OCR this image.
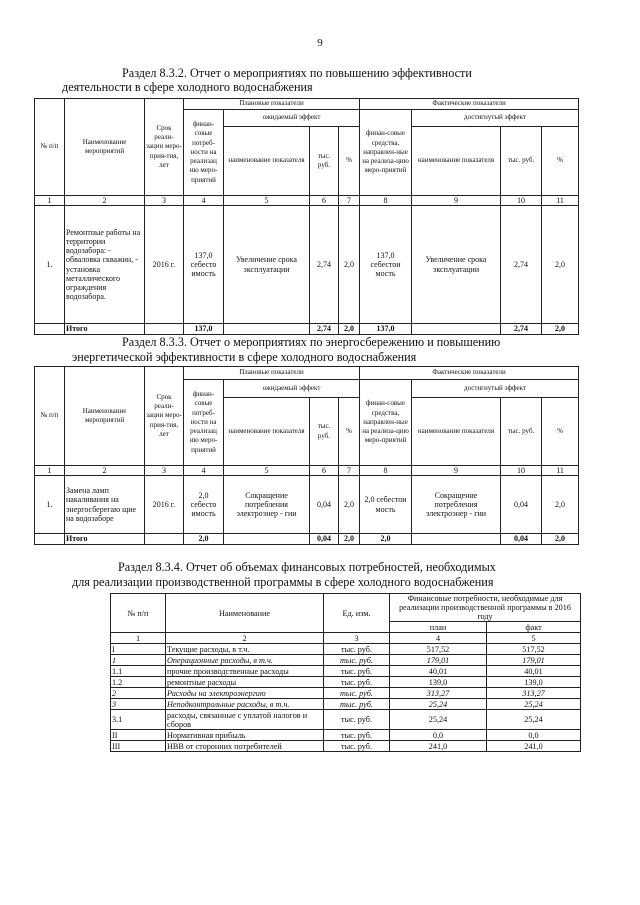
9
Раздел 8.3.2. Отчет о мероприятиях по повышению эффективности
деятельности в сфере холодного водоснабжения
№ п/п	Наименование мероприятий	Срок реали-зации меро-прия-тия, лет	Плановые показатели				Фактические показатели			
			финан-совые потреб-ности на реализац ию меро-приятий	ожидаемый эффект			финан-совые средства, направлен-ные на реализа-цию меро-приятий	достигнутый эффект		
				наименование показателя	тыс. руб.	%		наименование показателя	тыс. руб.	%
1	2	3	4	5	6	7	8	9	10	11
1.	Ремонтные работы на территории водозабора: - обваловка скважин, - установка металлического ограждения водозабора.	2016 г.	137,0 себесто имость	Увеличение срока эксплуатации	2,74	2,0	137,0 себестои мость	Увеличение срока эксплуатации	2,74	2,0
	Итого		137,0		2,74	2,0	137,0		2,74	2,0
Раздел 8.3.3. Отчет о мероприятиях по энергосбережению и повышению
энергетической эффективности в сфере холодного водоснабжения
№ п/п	Наименование мероприятий	Срок реали-зации меро-прия-тия, лет	Плановые показатели				Фактические показатели			
			финан-совые потреб-ности на реализац ию меро-приятий	ожидаемый эффект			финан-совые средства, направлен-ные на реализа-цию меро-приятий	достигнутый эффект		
				наименование показателя	тыс. руб.	%		наименование показателя	тыс. руб.	%
1	2	3	4	5	6	7	8	9	10	11
1.	Замена ламп накаливания на энергосберегаю щие на водозаборе	2016 г.	2,0 себесто имость	Сокращение потребления электроэнер - гии	0,04	2,0	2,0 себестои мость	Сокращение потребления электроэнер - гии	0,04	2,0
	Итого		2,0		0,04	2,0	2,0		0,04	2,0
Раздел 8.3.4. Отчет об объемах финансовых потребностей, необходимых
для реализации производственной программы в сфере холодного водоснабжения
№ п/п	Наименование	Ед. изм.	Финансовые потребности, необходимые для реализации производственной программы в 2016 году	
			план	факт
1	2	3	4	5
I	Текущие расходы, в т.ч.	тыс. руб.	517,52	517,52
1	Операционные расходы, в т.ч.	тыс. руб.	179,01	179,01
1.1	прочие производственные расходы	тыс. руб.	40,01	40,01
1.2	ремонтные расходы	тыс. руб.	139,0	139,0
2	Расходы на электроэнергию	тыс. руб.	313,27	313,27
3	Неподконтрольные расходы, в т.ч.	тыс. руб.	25,24	25,24
3.1	расходы, связанные с уплатой налогов и сборов	тыс. руб.	25,24	25,24
II	Нормативная прибыль	тыс. руб.	0,0	0,0
III	НВВ от сторонних потребителей	тыс. руб.	241,0	241,0
